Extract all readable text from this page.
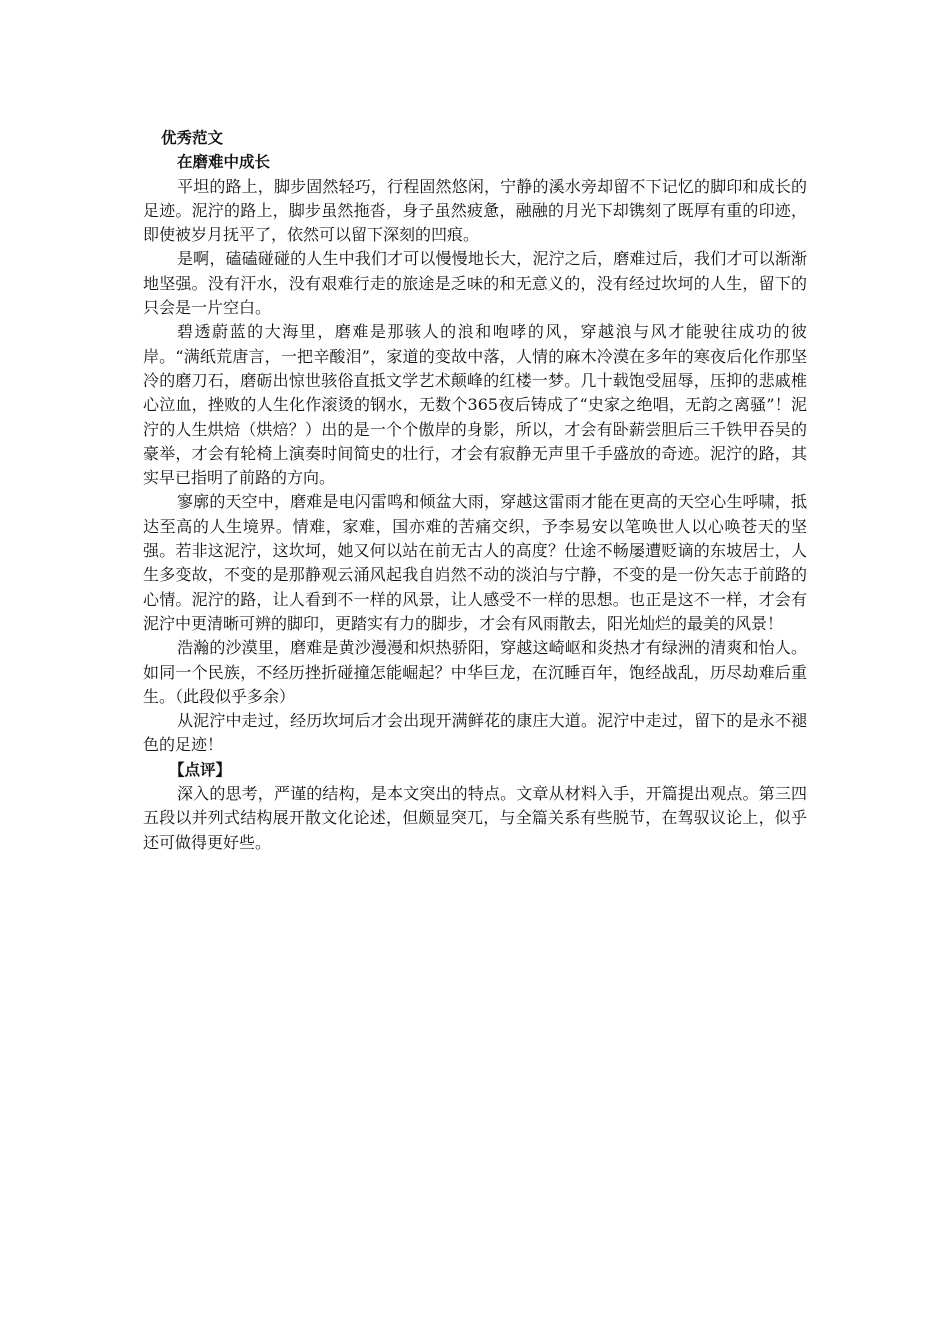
优秀范文

在磨难中成长

平坦的路上，脚步固然轻巧，行程固然悠闲，宁静的溪水旁却留不下记忆的脚印和成长的足迹。泥泞的路上，脚步虽然拖沓，身子虽然疲惫，融融的月光下却镌刻了既厚有重的印迹，即使被岁月抚平了，依然可以留下深刻的凹痕。

是啊，磕磕碰碰的人生中我们才可以慢慢地长大，泥泞之后，磨难过后，我们才可以渐渐地坚强。没有汗水，没有艰难行走的旅途是乏味的和无意义的，没有经过坎坷的人生，留下的只会是一片空白。

碧透蔚蓝的大海里，磨难是那骇人的浪和咆哮的风，穿越浪与风才能驶往成功的彼岸。“满纸荒唐言，一把辛酸泪”，家道的变故中落，人情的麻木冷漠在多年的寒夜后化作那坚冷的磨刀石，磨砺出惊世骇俗直抵文学艺术颠峰的红楼一梦。几十载饱受屈辱，压抑的悲戚椎心泣血，挫败的人生化作滚烫的钢水，无数个365夜后铸成了“史家之绝唱，无韵之离骚”！泥泞的人生烘焙（烘焙？）出的是一个个傲岸的身影，所以，才会有卧薪尝胆后三千铁甲吞吴的豪举，才会有轮椅上演奏时间简史的壮行，才会有寂静无声里千手盛放的奇迹。泥泞的路，其实早已指明了前路的方向。

寥廓的天空中，磨难是电闪雷鸣和倾盆大雨，穿越这雷雨才能在更高的天空心生呼啸，抵达至高的人生境界。情难，家难，国亦难的苦痛交织，予李易安以笔唤世人以心唤苍天的坚强。若非这泥泞，这坎坷，她又何以站在前无古人的高度？仕途不畅屡遭贬谪的东坡居士，人生多变故，不变的是那静观云涌风起我自岿然不动的淡泊与宁静，不变的是一份矢志于前路的心情。泥泞的路，让人看到不一样的风景，让人感受不一样的思想。也正是这不一样，才会有泥泞中更清晰可辨的脚印，更踏实有力的脚步，才会有风雨散去，阳光灿烂的最美的风景！

浩瀚的沙漠里，磨难是黄沙漫漫和炽热骄阳，穿越这崎岖和炎热才有绿洲的清爽和怡人。如同一个民族，不经历挫折碰撞怎能崛起？中华巨龙，在沉睡百年，饱经战乱，历尽劫难后重生。（此段似乎多余）

从泥泞中走过，经历坎坷后才会出现开满鲜花的康庄大道。泥泞中走过，留下的是永不褪色的足迹！

【点评】

深入的思考，严谨的结构，是本文突出的特点。文章从材料入手，开篇提出观点。第三四五段以并列式结构展开散文化论述，但颇显突兀，与全篇关系有些脱节，在驾驭议论上，似乎还可做得更好些。
